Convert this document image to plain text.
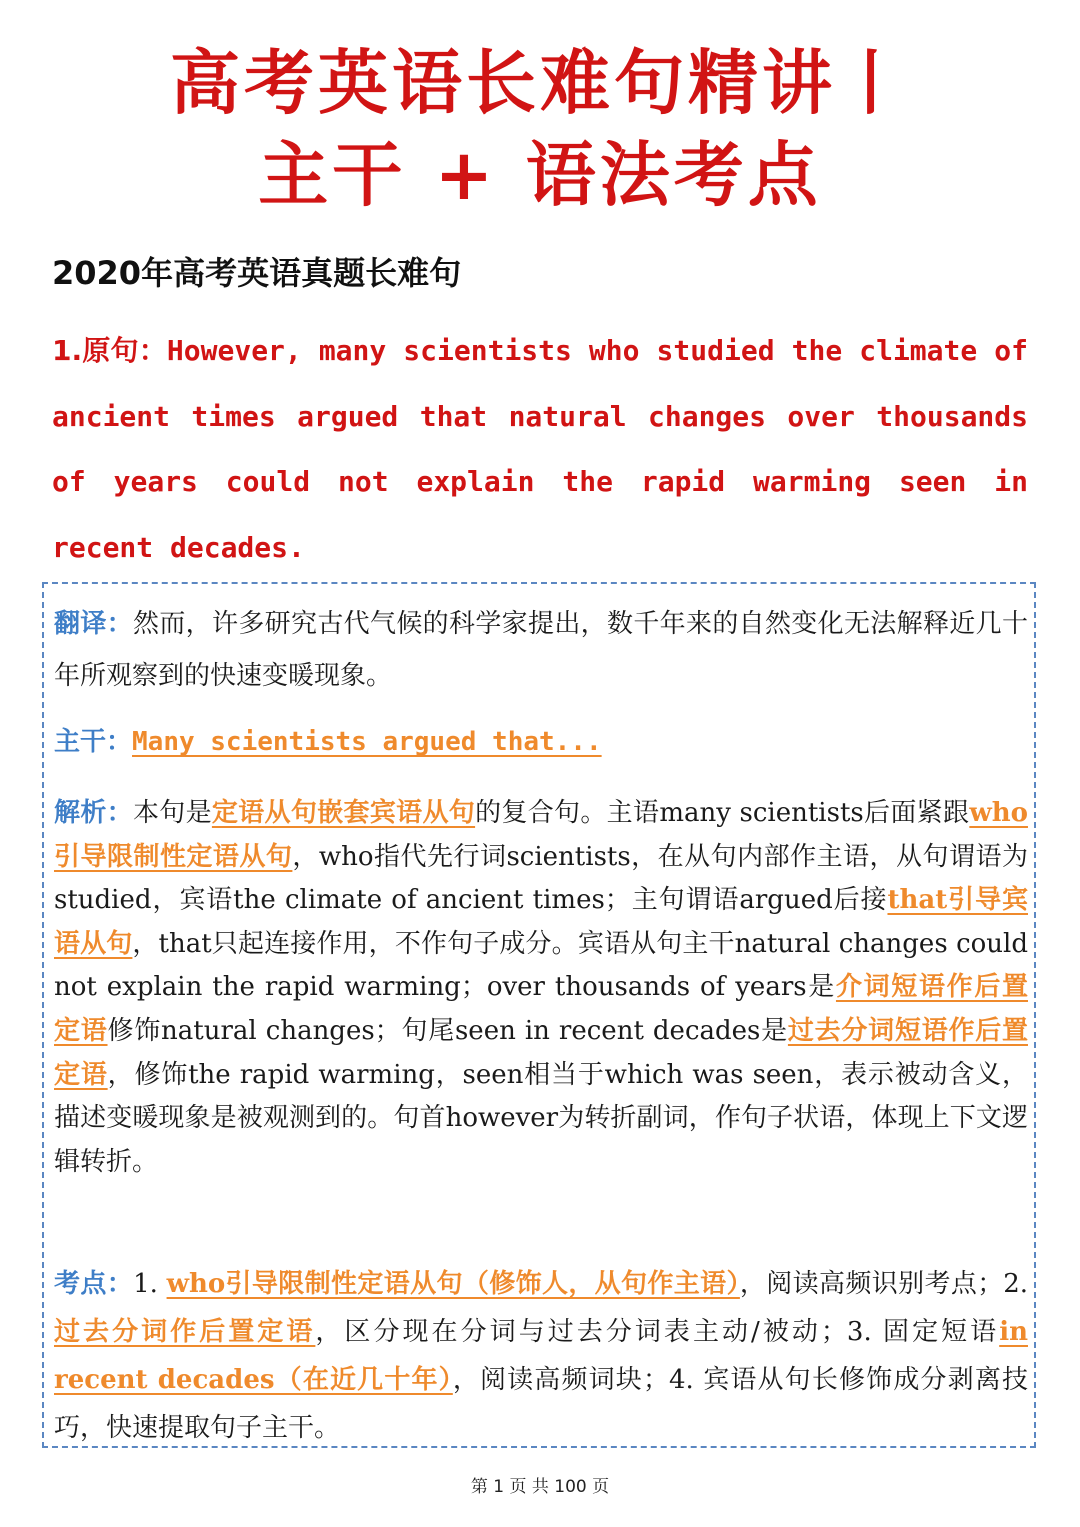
高考英语长难句精讲丨
主干 + 语法考点
2020年高考英语真题长难句
1.原句：However, many scientists who studied the climate of ancient times argued that natural changes over thousands of years could not explain the rapid warming seen in recent decades.
翻译：然而，许多研究古代气候的科学家提出，数千年来的自然变化无法解释近几十年所观察到的快速变暖现象。
主干：Many scientists argued that...
解析：本句是定语从句嵌套宾语从句的复合句。主语many scientists后面紧跟who引导限制性定语从句，who指代先行词scientists，在从句内部作主语，从句谓语为studied，宾语the climate of ancient times；主句谓语argued后接that引导宾语从句，that只起连接作用，不作句子成分。宾语从句主干natural changes could not explain the rapid warming；over thousands of years是介词短语作后置定语修饰natural changes；句尾seen in recent decades是过去分词短语作后置定语，修饰the rapid warming，seen相当于which was seen，表示被动含义，描述变暖现象是被观测到的。句首however为转折副词，作句子状语，体现上下文逻辑转折。
考点：1. who引导限制性定语从句（修饰人，从句作主语），阅读高频识别考点；2. 过去分词作后置定语，区分现在分词与过去分词表主动/被动；3. 固定短语in recent decades（在近几十年），阅读高频词块；4. 宾语从句长修饰成分剥离技巧，快速提取句子主干。
第 1 页 共 100 页
